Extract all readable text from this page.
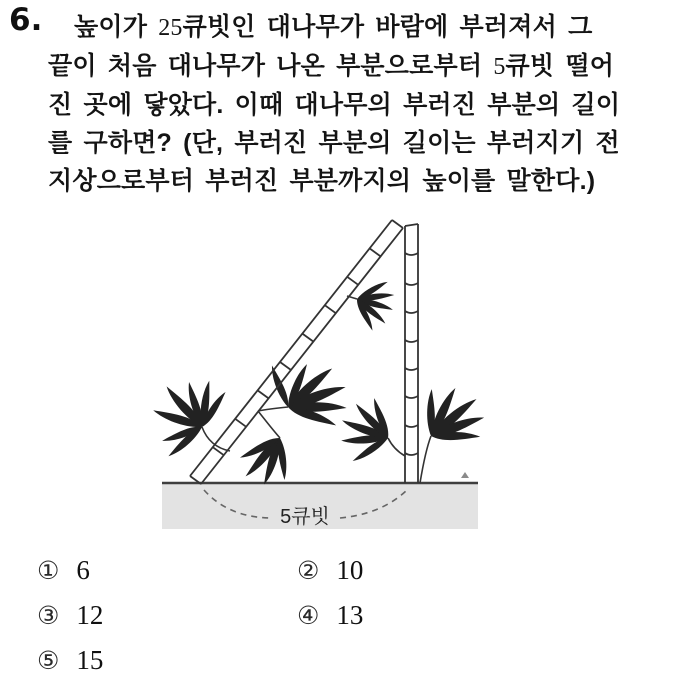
6.	높이가 25큐빗인 대나무가 바람에 부러져서 그
끝이 처음 대나무가 나온 부분으로부터 5큐빗 떨어
진 곳에 닿았다. 이때 대나무의 부러진 부분의 길이
를 구하면? (단, 부러진 부분의 길이는 부러지기 전
지상으로부터 부러진 부분까지의 높이를 말한다.)
5큐빗
① 6	② 10
③ 12	④ 13
⑤ 15
